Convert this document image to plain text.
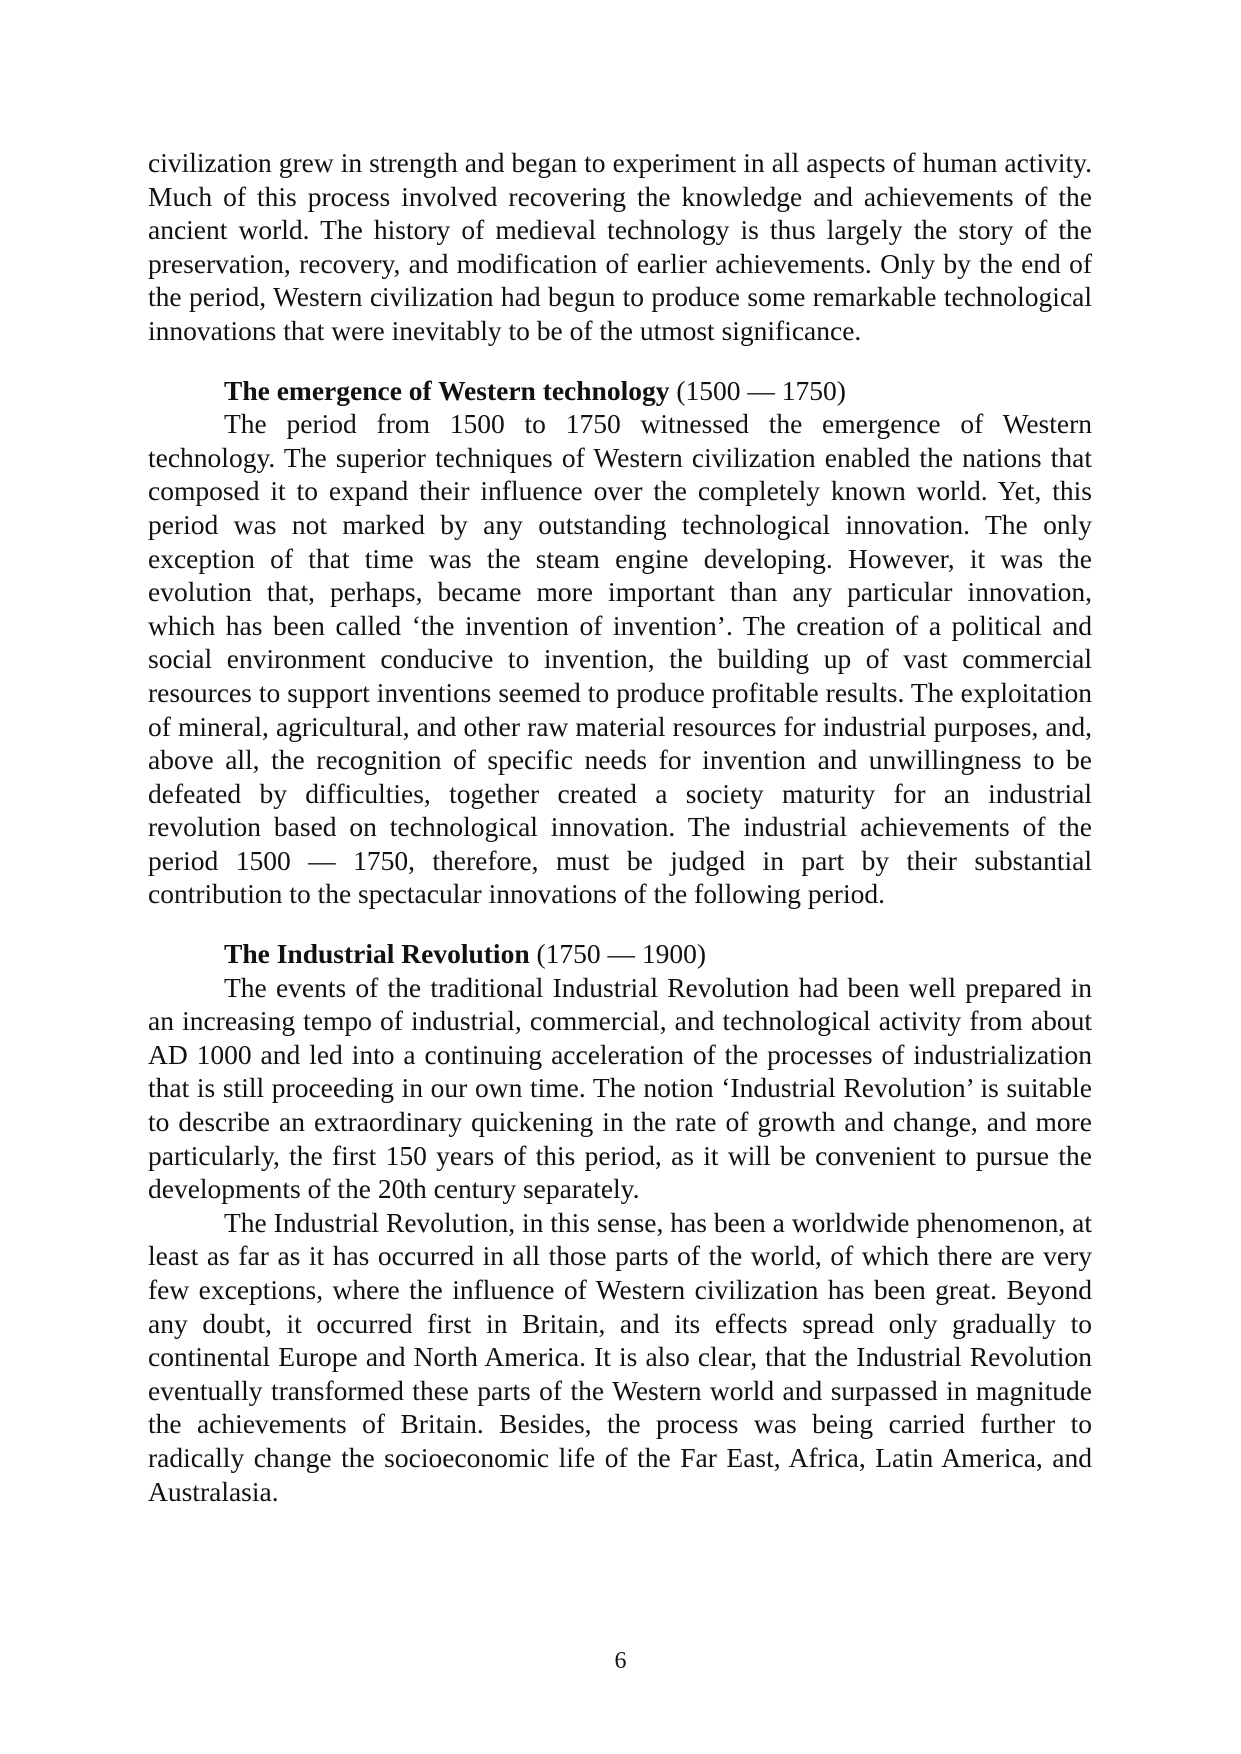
civilization grew in strength and began to experiment in all aspects of human activity. Much of this process involved recovering the knowledge and achievements of the ancient world. The history of medieval technology is thus largely the story of the preservation, recovery, and modification of earlier achievements. Only by the end of the period, Western civilization had begun to produce some remarkable technological innovations that were inevitably to be of the utmost significance.

The emergence of Western technology (1500 — 1750)

The period from 1500 to 1750 witnessed the emergence of Western technology. The superior techniques of Western civilization enabled the nations that composed it to expand their influence over the completely known world. Yet, this period was not marked by any outstanding technological innovation. The only exception of that time was the steam engine developing. However, it was the evolution that, perhaps, became more important than any particular innovation, which has been called ‘the invention of invention’. The creation of a political and social environment conducive to invention, the building up of vast commercial resources to support inventions seemed to produce profitable results. The exploitation of mineral, agricultural, and other raw material resources for industrial purposes, and, above all, the recognition of specific needs for invention and unwillingness to be defeated by difficulties, together created a society maturity for an industrial revolution based on technological innovation. The industrial achievements of the period 1500 — 1750, therefore, must be judged in part by their substantial contribution to the spectacular innovations of the following period.

The Industrial Revolution (1750 — 1900)

The events of the traditional Industrial Revolution had been well prepared in an increasing tempo of industrial, commercial, and technological activity from about AD 1000 and led into a continuing acceleration of the processes of industrialization that is still proceeding in our own time. The notion ‘Industrial Revolution’ is suitable to describe an extraordinary quickening in the rate of growth and change, and more particularly, the first 150 years of this period, as it will be convenient to pursue the developments of the 20th century separately.

The Industrial Revolution, in this sense, has been a worldwide phenomenon, at least as far as it has occurred in all those parts of the world, of which there are very few exceptions, where the influence of Western civilization has been great. Beyond any doubt, it occurred first in Britain, and its effects spread only gradually to continental Europe and North America. It is also clear, that the Industrial Revolution eventually transformed these parts of the Western world and surpassed in magnitude the achievements of Britain. Besides, the process was being carried further to radically change the socioeconomic life of the Far East, Africa, Latin America, and Australasia.

6
